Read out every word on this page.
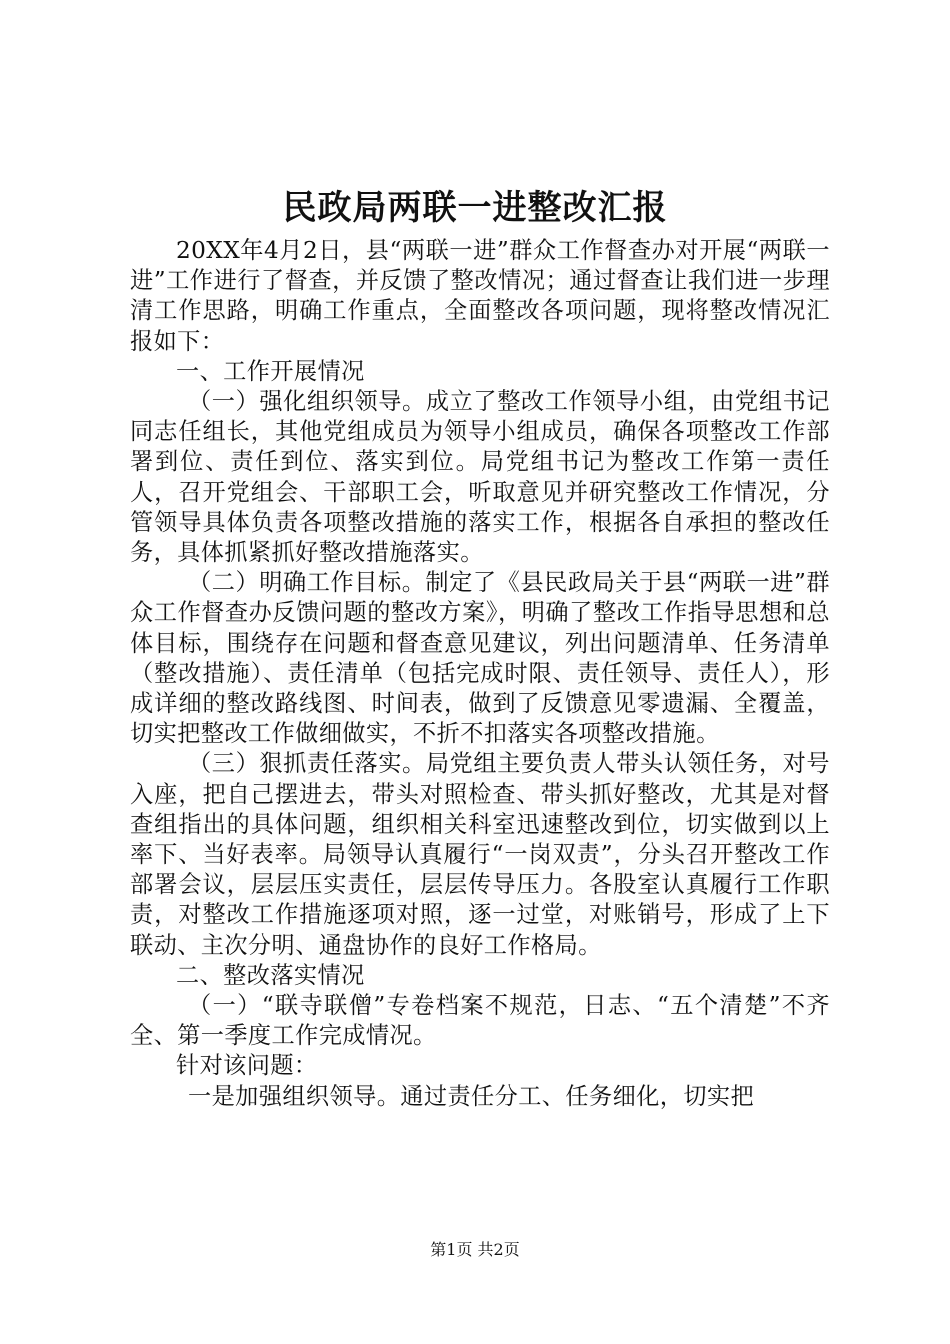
民政局两联一进整改汇报

20XX年4月2日，县“两联一进”群众工作督查办对开展“两联一进”工作进行了督查，并反馈了整改情况；通过督查让我们进一步理清工作思路，明确工作重点，全面整改各项问题，现将整改情况汇报如下：

一、工作开展情况

（一）强化组织领导。成立了整改工作领导小组，由党组书记同志任组长，其他党组成员为领导小组成员，确保各项整改工作部署到位、责任到位、落实到位。局党组书记为整改工作第一责任人，召开党组会、干部职工会，听取意见并研究整改工作情况，分管领导具体负责各项整改措施的落实工作，根据各自承担的整改任务，具体抓紧抓好整改措施落实。

（二）明确工作目标。制定了《县民政局关于县“两联一进”群众工作督查办反馈问题的整改方案》，明确了整改工作指导思想和总体目标，围绕存在问题和督查意见建议，列出问题清单、任务清单（整改措施）、责任清单（包括完成时限、责任领导、责任人），形成详细的整改路线图、时间表，做到了反馈意见零遗漏、全覆盖，切实把整改工作做细做实，不折不扣落实各项整改措施。

（三）狠抓责任落实。局党组主要负责人带头认领任务，对号入座，把自己摆进去，带头对照检查、带头抓好整改，尤其是对督查组指出的具体问题，组织相关科室迅速整改到位，切实做到以上率下、当好表率。局领导认真履行“一岗双责”，分头召开整改工作部署会议，层层压实责任，层层传导压力。各股室认真履行工作职责，对整改工作措施逐项对照，逐一过堂，对账销号，形成了上下联动、主次分明、通盘协作的良好工作格局。

二、整改落实情况

（一）“联寺联僧”专卷档案不规范，日志、“五个清楚”不齐全、第一季度工作完成情况。

针对该问题：

一是加强组织领导。通过责任分工、任务细化，切实把

第1页 共2页
